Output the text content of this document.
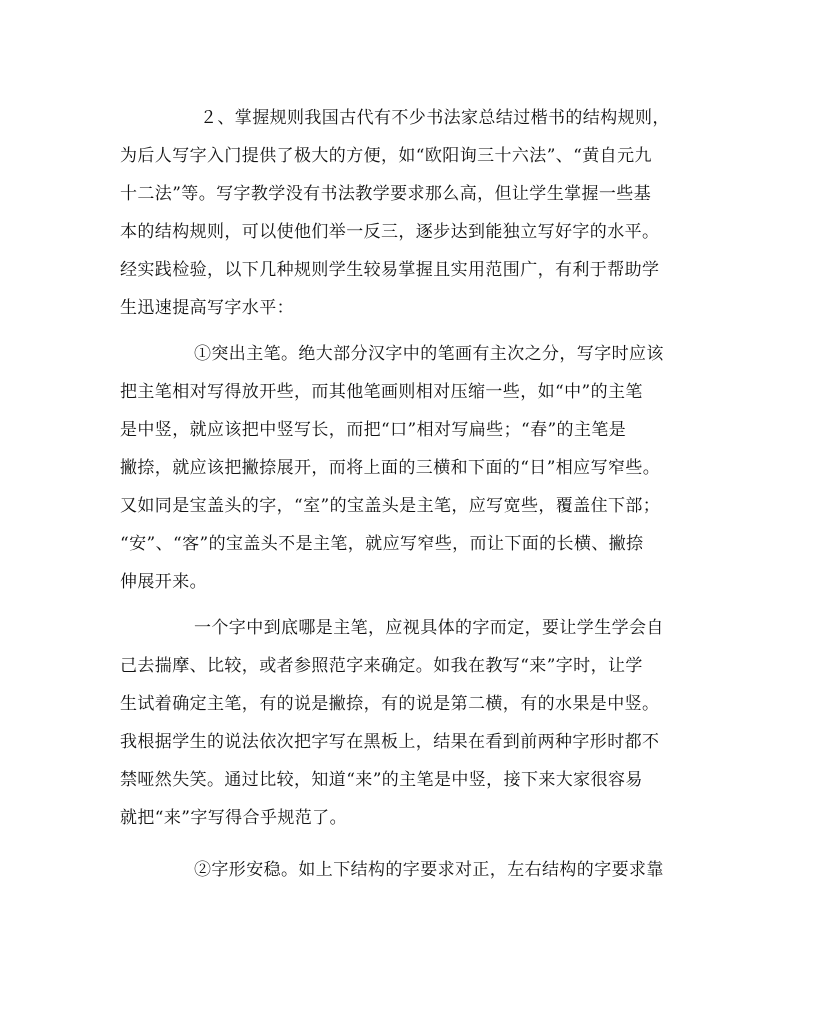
２、掌握规则我国古代有不少书法家总结过楷书的结构规则，
为后人写字入门提供了极大的方便，如“欧阳询三十六法”、“黄自元九
十二法”等。写字教学没有书法教学要求那么高，但让学生掌握一些基
本的结构规则，可以使他们举一反三，逐步达到能独立写好字的水平。
经实践检验，以下几种规则学生较易掌握且实用范围广，有利于帮助学
生迅速提高写字水平：
①突出主笔。绝大部分汉字中的笔画有主次之分，写字时应该
把主笔相对写得放开些，而其他笔画则相对压缩一些，如“中”的主笔
是中竖，就应该把中竖写长，而把“口”相对写扁些；“春”的主笔是
撇捺，就应该把撇捺展开，而将上面的三横和下面的“日”相应写窄些。
又如同是宝盖头的字，“室”的宝盖头是主笔，应写宽些，覆盖住下部；
“安”、“客”的宝盖头不是主笔，就应写窄些，而让下面的长横、撇捺
伸展开来。
一个字中到底哪是主笔，应视具体的字而定，要让学生学会自
己去揣摩、比较，或者参照范字来确定。如我在教写“来”字时，让学
生试着确定主笔，有的说是撇捺，有的说是第二横，有的水果是中竖。
我根据学生的说法依次把字写在黑板上，结果在看到前两种字形时都不
禁哑然失笑。通过比较，知道“来”的主笔是中竖，接下来大家很容易
就把“来”字写得合乎规范了。
②字形安稳。如上下结构的字要求对正，左右结构的字要求靠
